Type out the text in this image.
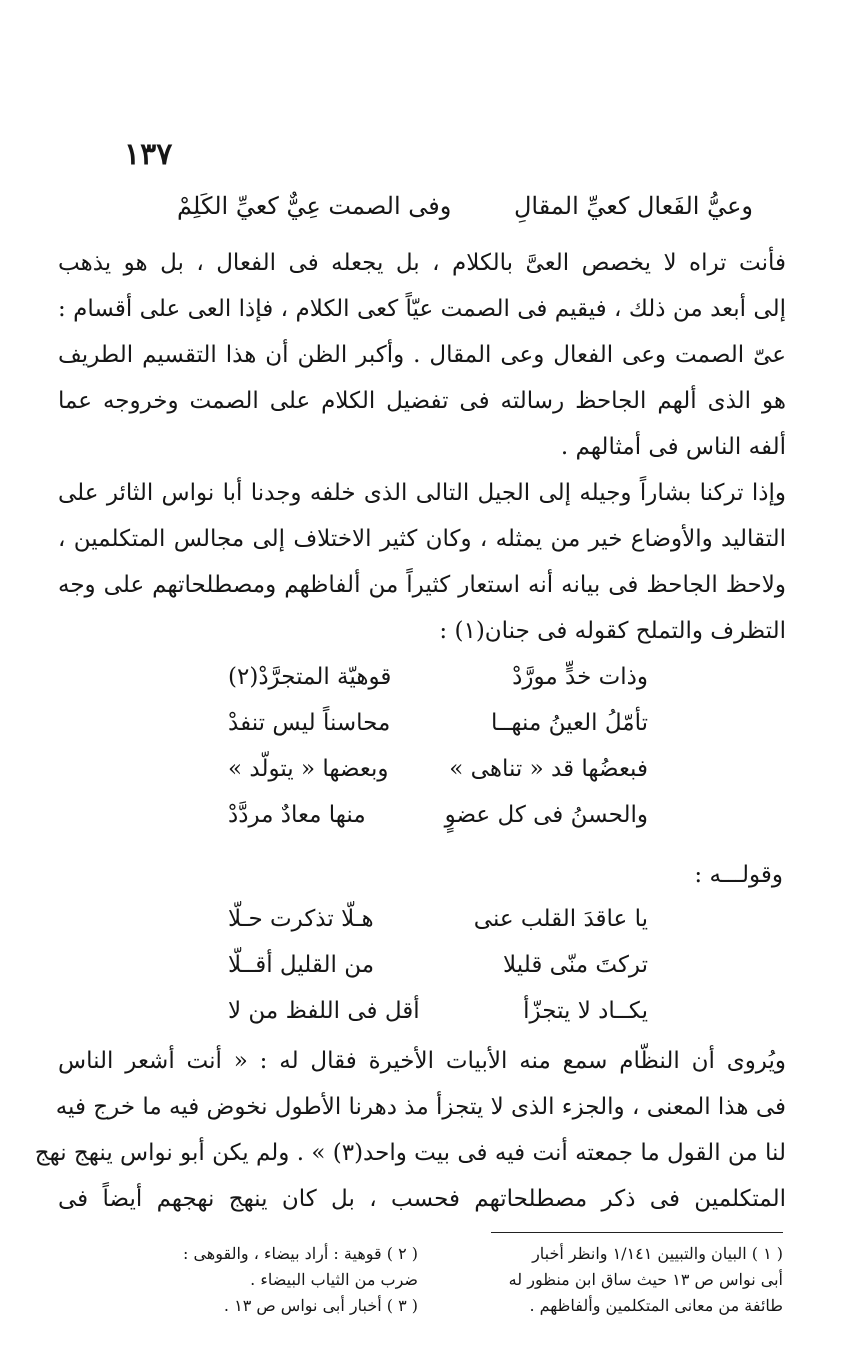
١٣٧
وعيُّ الفَعال كعيِّ المقالِ وفى الصمت عِيٌّ كعيِّ الكَلِمْ
فأنت تراه لا يخصص العىَّ بالكلام ، بل يجعله فى الفعال ، بل هو يذهب
إلى أبعد من ذلك ، فيقيم فى الصمت عيّاً كعى الكلام ، فإذا العى على أقسام :
عىّ الصمت وعى الفعال وعى المقال . وأكبر الظن أن هذا التقسيم الطريف
هو الذى ألهم الجاحظ رسالته فى تفضيل الكلام على الصمت وخروجه عما
ألفه الناس فى أمثالهم .
وإذا تركنا بشاراً وجيله إلى الجيل التالى الذى خلفه وجدنا أبا نواس الثائر على
التقاليد والأوضاع خير من يمثله ، وكان كثير الاختلاف إلى مجالس المتكلمين ،
ولاحظ الجاحظ فى بيانه أنه استعار كثيراً من ألفاظهم ومصطلحاتهم على وجه
التظرف والتملح كقوله فى جنان(١) :
وذات خدٍّ مورَّدْ
قوهيّة المتجرَّدْ(٢)
تأمّلُ العينُ منهــا
محاسناً ليس تنفدْ
فبعضُها قد « تناهى »
وبعضها « يتولّد »
والحسنُ فى كل عضوٍ
منها معادٌ مردَّدْ
وقولـــه :
يا عاقدَ القلب عنى
هـلّا تذكرت حـلّا
تركتَ منّى قليلا
من القليل أقــلّا
يكــاد لا يتجزّأ
أقل فى اللفظ من لا
ويُروى أن النظّام سمع منه الأبيات الأخيرة فقال له : « أنت أشعر الناس
فى هذا المعنى ، والجزء الذى لا يتجزأ مذ دهرنا الأطول نخوض فيه ما خرج فيه
لنا من القول ما جمعته أنت فيه فى بيت واحد(٣) » . ولم يكن أبو نواس ينهج نهج
المتكلمين فى ذكر مصطلحاتهم فحسب ، بل كان ينهج نهجهم أيضاً فى
( ١ ) البيان والتبيين ١/١٤١ وانظر أخبار
أبى نواس ص ١٣ حيث ساق ابن منظور له
طائفة من معانى المتكلمين وألفاظهم .
( ٢ ) قوهية : أراد بيضاء ، والقوهى :
ضرب من الثياب البيضاء .
( ٣ ) أخبار أبى نواس ص ١٣ .
